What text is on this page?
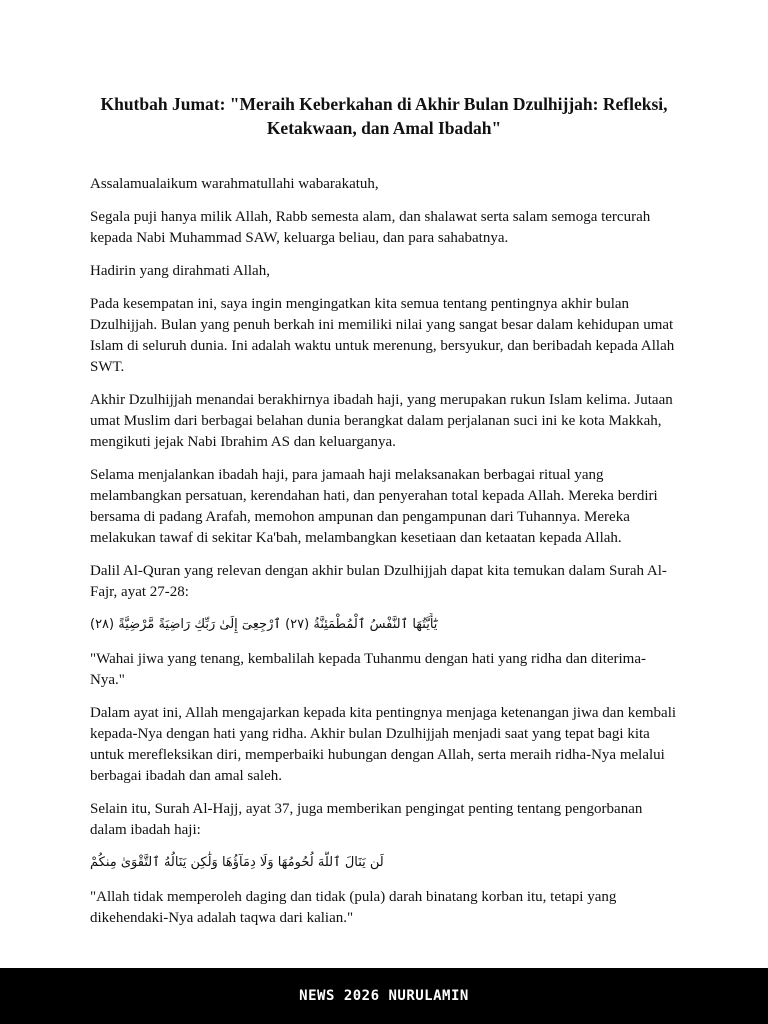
Khutbah Jumat: "Meraih Keberkahan di Akhir Bulan Dzulhijjah: Refleksi, Ketakwaan, dan Amal Ibadah"

Assalamualaikum warahmatullahi wabarakatuh,

Segala puji hanya milik Allah, Rabb semesta alam, dan shalawat serta salam semoga tercurah kepada Nabi Muhammad SAW, keluarga beliau, dan para sahabatnya.

Hadirin yang dirahmati Allah,

Pada kesempatan ini, saya ingin mengingatkan kita semua tentang pentingnya akhir bulan Dzulhijjah. Bulan yang penuh berkah ini memiliki nilai yang sangat besar dalam kehidupan umat Islam di seluruh dunia. Ini adalah waktu untuk merenung, bersyukur, dan beribadah kepada Allah SWT.

Akhir Dzulhijjah menandai berakhirnya ibadah haji, yang merupakan rukun Islam kelima. Jutaan umat Muslim dari berbagai belahan dunia berangkat dalam perjalanan suci ini ke kota Makkah, mengikuti jejak Nabi Ibrahim AS dan keluarganya.

Selama menjalankan ibadah haji, para jamaah haji melaksanakan berbagai ritual yang melambangkan persatuan, kerendahan hati, dan penyerahan total kepada Allah. Mereka berdiri bersama di padang Arafah, memohon ampunan dan pengampunan dari Tuhannya. Mereka melakukan tawaf di sekitar Ka'bah, melambangkan kesetiaan dan ketaatan kepada Allah.

Dalil Al-Quran yang relevan dengan akhir bulan Dzulhijjah dapat kita temukan dalam Surah Al-Fajr, ayat 27-28:

يَٰٓأَيَّتُهَا ٱلنَّفْسُ ٱلْمُطْمَئِنَّةُ (٢٧) ٱرْجِعِىٓ إِلَىٰ رَبِّكِ رَاضِيَةً مَّرْضِيَّةً (٢٨)

"Wahai jiwa yang tenang, kembalilah kepada Tuhanmu dengan hati yang ridha dan diterima-Nya."

Dalam ayat ini, Allah mengajarkan kepada kita pentingnya menjaga ketenangan jiwa dan kembali kepada-Nya dengan hati yang ridha. Akhir bulan Dzulhijjah menjadi saat yang tepat bagi kita untuk merefleksikan diri, memperbaiki hubungan dengan Allah, serta meraih ridha-Nya melalui berbagai ibadah dan amal saleh.

Selain itu, Surah Al-Hajj, ayat 37, juga memberikan pengingat penting tentang pengorbanan dalam ibadah haji:

لَن يَنَالَ ٱللَّهَ لُحُومُهَا وَلَا دِمَآؤُهَا وَلَٰكِن يَنَالُهُ ٱلتَّقْوَىٰ مِنكُمْ

"Allah tidak memperoleh daging dan tidak (pula) darah binatang korban itu, tetapi yang dikehendaki-Nya adalah taqwa dari kalian."

NEWS 2026 NURULAMIN
